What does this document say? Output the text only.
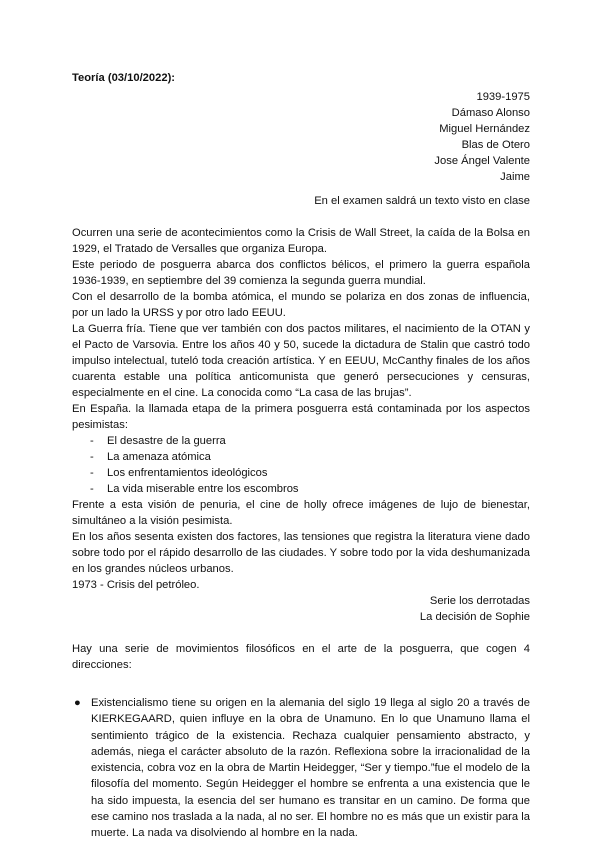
Teoría (03/10/2022):
1939-1975
Dámaso Alonso
Miguel Hernández
Blas de Otero
Jose Ángel Valente
Jaime
En el examen saldrá un texto visto en clase

Ocurren una serie de acontecimientos como la Crisis de Wall Street, la caída de la Bolsa en 1929, el Tratado de Versalles que organiza Europa.

Este periodo de posguerra abarca dos conflictos bélicos, el primero la guerra española 1936-1939, en septiembre del 39 comienza la segunda guerra mundial.

Con el desarrollo de la bomba atómica, el mundo se polariza en dos zonas de influencia, por un lado la URSS y por otro lado EEUU.

La Guerra fría. Tiene que ver también con dos pactos militares, el nacimiento de la OTAN y el Pacto de Varsovia. Entre los años 40 y 50, sucede la dictadura de Stalin que castró todo impulso intelectual, tuteló toda creación artística. Y en EEUU, McCanthy finales de los años cuarenta estable una política anticomunista que generó persecuciones y censuras, especialmente en el cine. La conocida como “La casa de las brujas”.

En España. la llamada etapa de la primera posguerra está contaminada por los aspectos pesimistas:

- El desastre de la guerra
- La amenaza atómica
- Los enfrentamientos ideológicos
- La vida miserable entre los escombros

Frente a esta visión de penuria, el cine de holly ofrece imágenes de lujo de bienestar, simultáneo a la visión pesimista.

En los años sesenta existen dos factores, las tensiones que registra la literatura viene dado sobre todo por el rápido desarrollo de las ciudades. Y sobre todo por la vida deshumanizada en los grandes núcleos urbanos.

1973 - Crisis del petróleo.

Serie los derrotadas
La decisión de Sophie

Hay una serie de movimientos filosóficos en el arte de la posguerra, que cogen 4 direcciones:

● Existencialismo tiene su origen en la alemania del siglo 19 llega al siglo 20 a través de KIERKEGAARD, quien influye en la obra de Unamuno. En lo que Unamuno llama el sentimiento trágico de la existencia. Rechaza cualquier pensamiento abstracto, y además, niega el carácter absoluto de la razón. Reflexiona sobre la irracionalidad de la existencia, cobra voz en la obra de Martin Heidegger, “Ser y tiempo.”fue el modelo de la filosofía del momento. Según Heidegger el hombre se enfrenta a una existencia que le ha sido impuesta, la esencia del ser humano es transitar en un camino. De forma que ese camino nos traslada a la nada, al no ser. El hombre no es más que un existir para la muerte. La nada va disolviendo al hombre en la nada.
